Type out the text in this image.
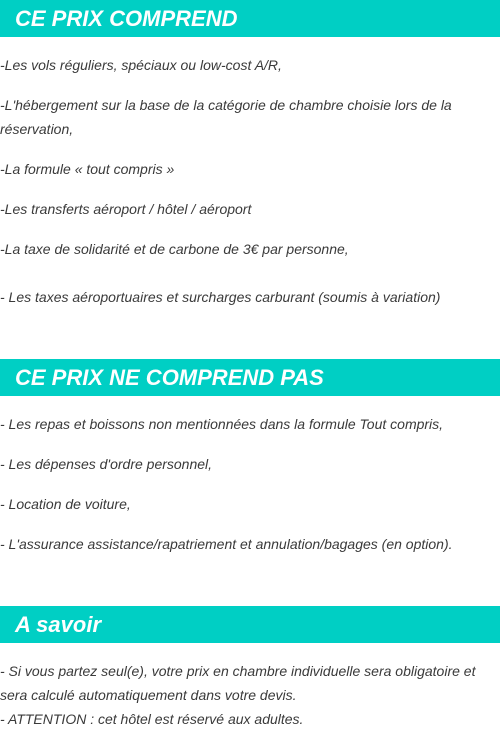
CE PRIX COMPREND

-Les vols réguliers, spéciaux ou low-cost A/R,

-L'hébergement sur la base de la catégorie de chambre choisie lors de la réservation,

-La formule « tout compris »

-Les transferts aéroport / hôtel / aéroport

-La taxe de solidarité et de carbone de 3€ par personne,

- Les taxes aéroportuaires et surcharges carburant (soumis à variation)

CE PRIX NE COMPREND PAS

- Les repas et boissons non mentionnées dans la formule Tout compris,

- Les dépenses d'ordre personnel,

- Location de voiture,

- L'assurance assistance/rapatriement et annulation/bagages (en option).

A savoir

- Si vous partez seul(e), votre prix en chambre individuelle sera obligatoire et sera calculé automatiquement dans votre devis.

- ATTENTION : cet hôtel est réservé aux adultes.
